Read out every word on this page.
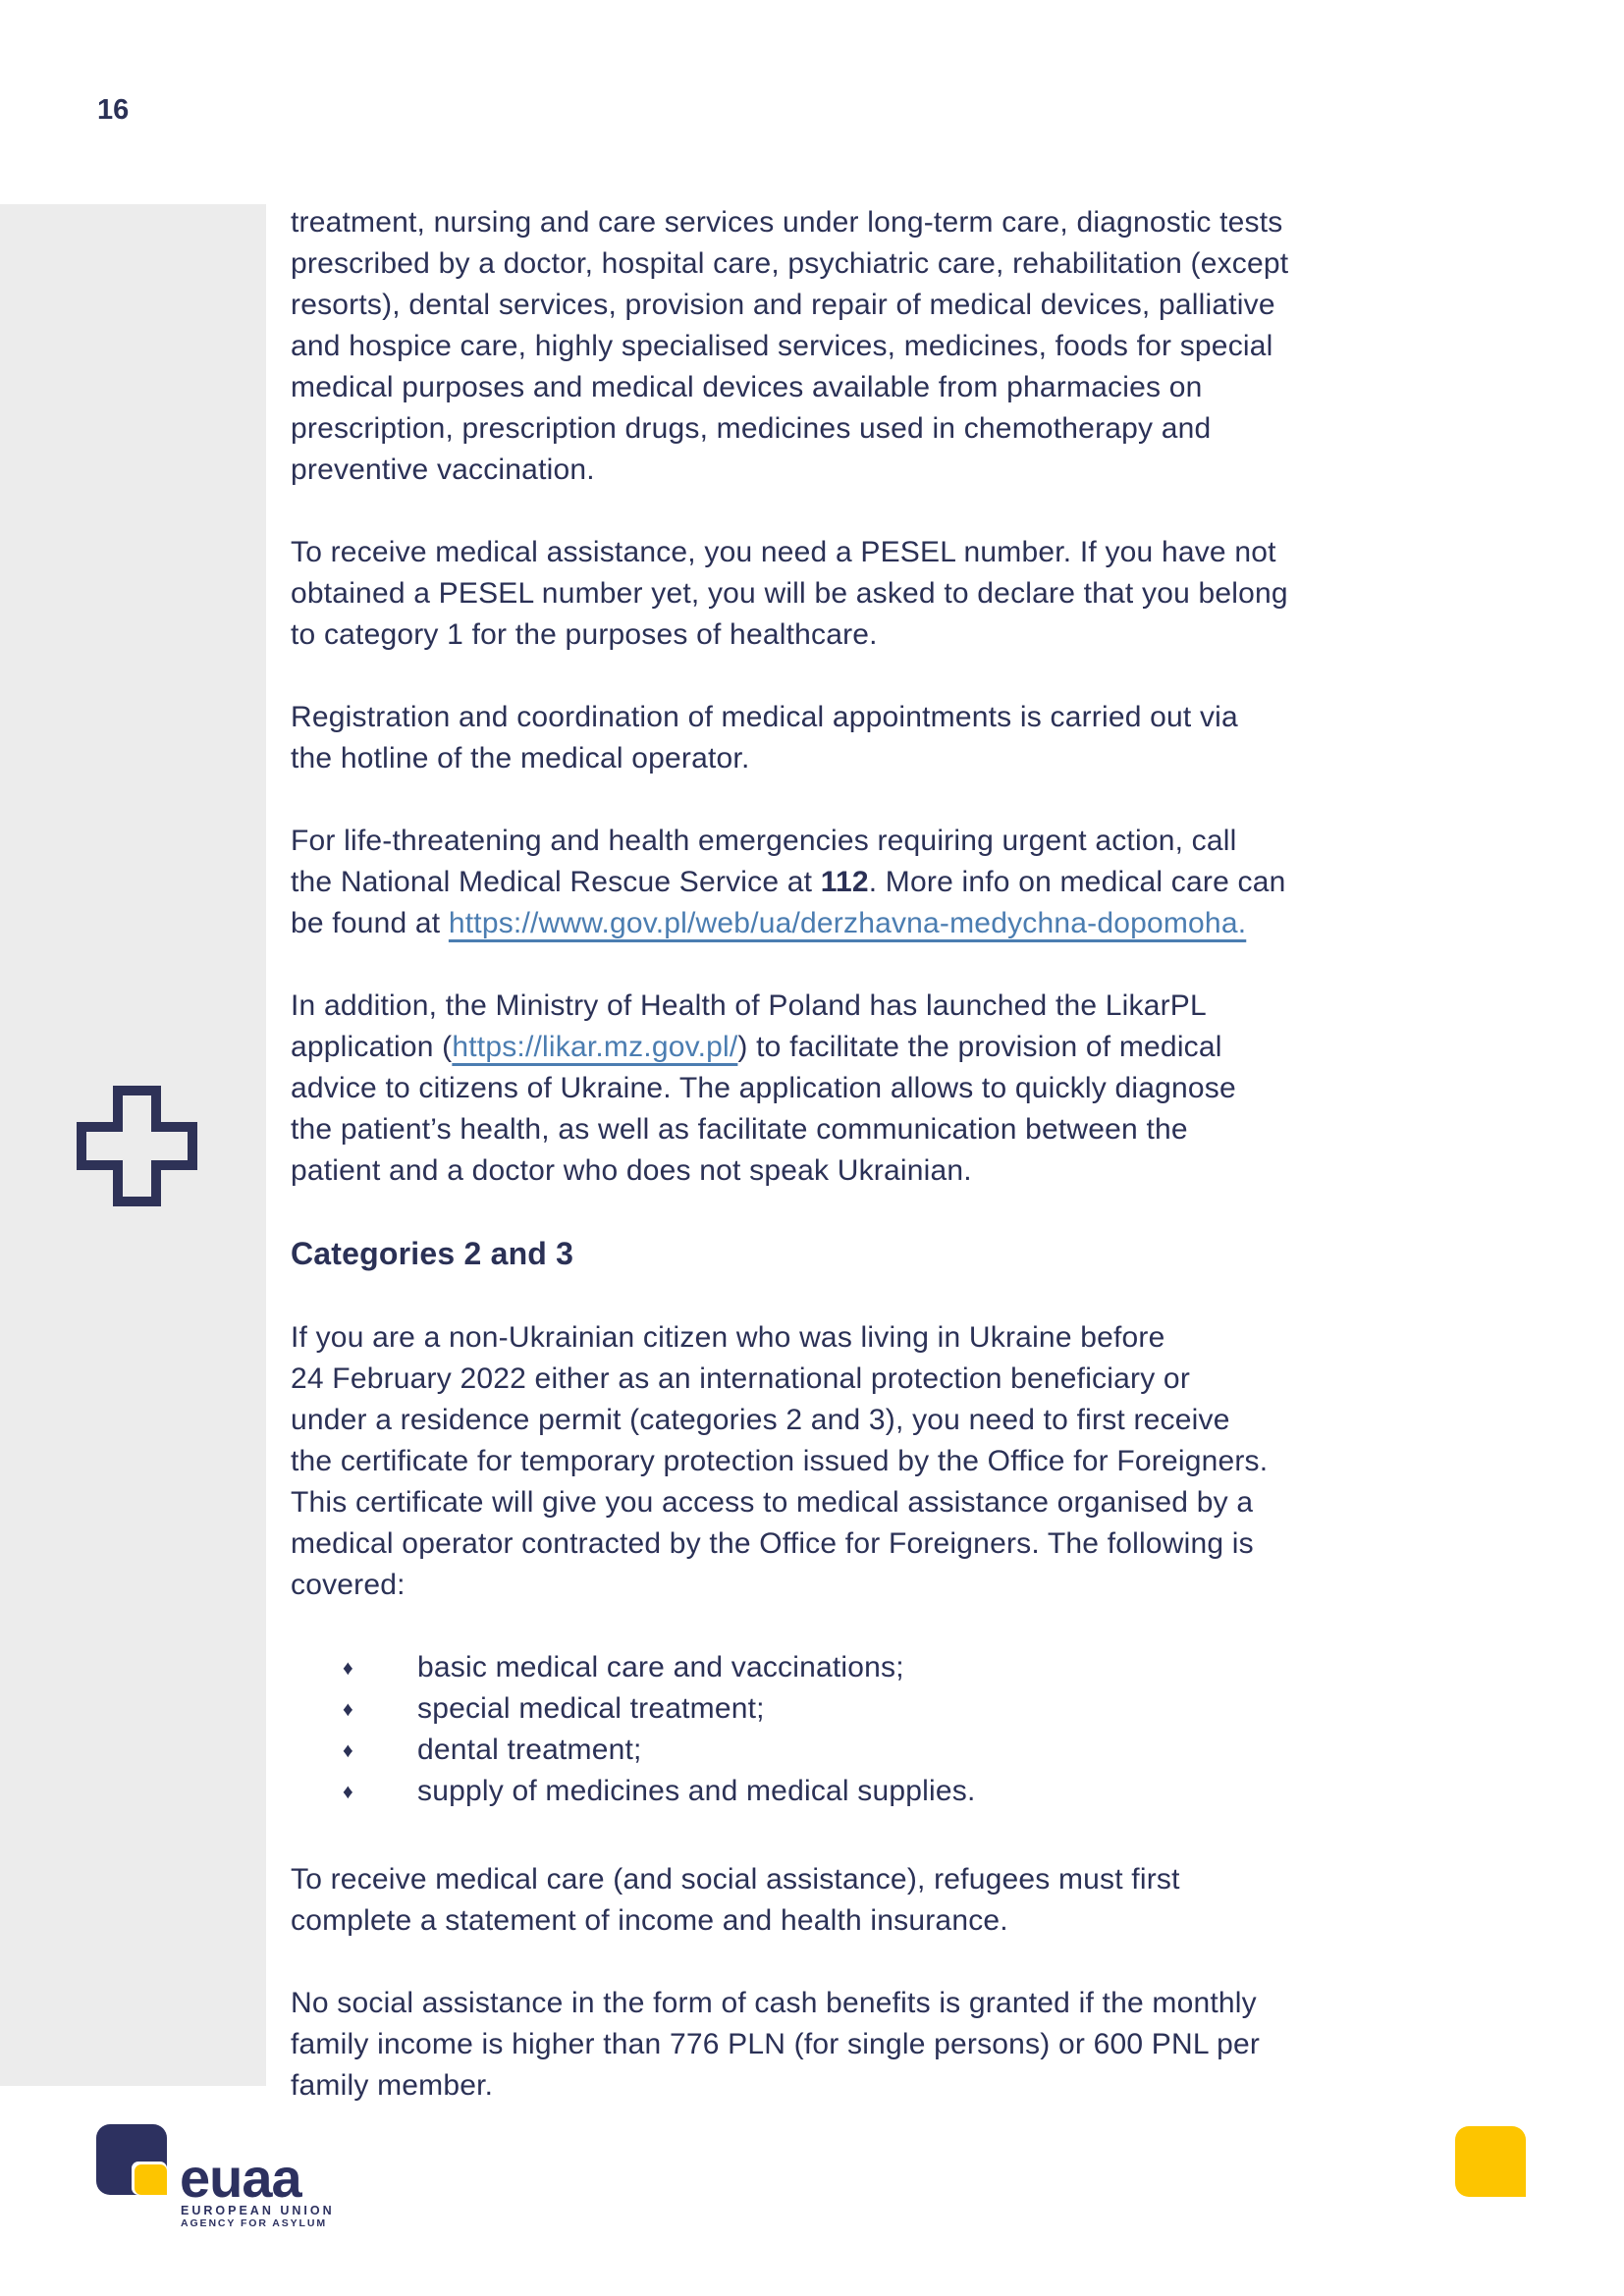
16
treatment, nursing and care services under long-term care, diagnostic tests
prescribed by a doctor, hospital care, psychiatric care, rehabilitation (except
resorts), dental services, provision and repair of medical devices, palliative
and hospice care, highly specialised services, medicines, foods for special
medical purposes and medical devices available from pharmacies on
prescription, prescription drugs, medicines used in chemotherapy and
preventive vaccination.
To receive medical assistance, you need a PESEL number. If you have not
obtained a PESEL number yet, you will be asked to declare that you belong
to category 1 for the purposes of healthcare.
Registration and coordination of medical appointments is carried out via
the hotline of the medical operator.
For life-threatening and health emergencies requiring urgent action, call
the National Medical Rescue Service at 112. More info on medical care can
be found at https://www.gov.pl/web/ua/derzhavna-medychna-dopomoha.
In addition, the Ministry of Health of Poland has launched the LikarPL
application (https://likar.mz.gov.pl/) to facilitate the provision of medical
advice to citizens of Ukraine. The application allows to quickly diagnose
the patient’s health, as well as facilitate communication between the
patient and a doctor who does not speak Ukrainian.
Categories 2 and 3
If you are a non-Ukrainian citizen who was living in Ukraine before
24 February 2022 either as an international protection beneficiary or
under a residence permit (categories 2 and 3), you need to first receive
the certificate for temporary protection issued by the Office for Foreigners.
This certificate will give you access to medical assistance organised by a
medical operator contracted by the Office for Foreigners. The following is
covered:
♦ basic medical care and vaccinations;
♦ special medical treatment;
♦ dental treatment;
♦ supply of medicines and medical supplies.
To receive medical care (and social assistance), refugees must first
complete a statement of income and health insurance.
No social assistance in the form of cash benefits is granted if the monthly
family income is higher than 776 PLN (for single persons) or 600 PNL per
family member.
euaa
EUROPEAN UNION
AGENCY FOR ASYLUM
